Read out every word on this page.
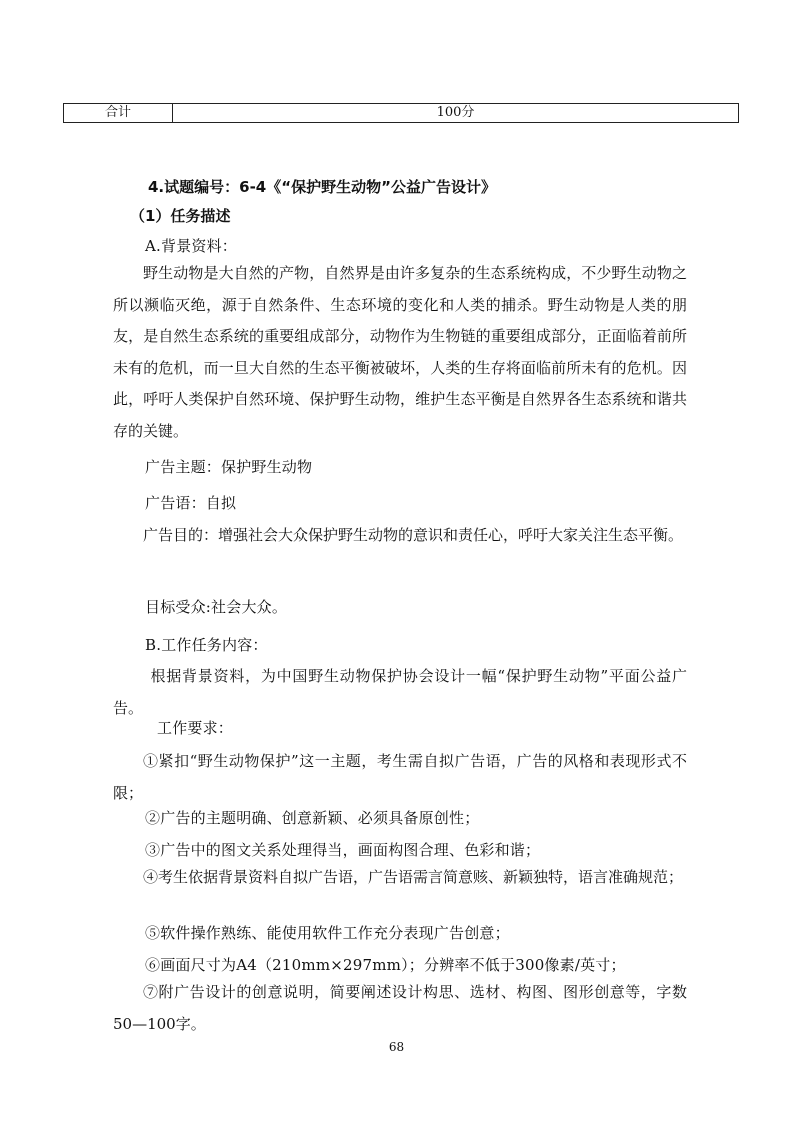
合计	100分
4.试题编号：6-4《“保护野生动物”公益广告设计》
（1）任务描述
A.背景资料：

野生动物是大自然的产物，自然界是由许多复杂的生态系统构成，不少野生动物之所以濒临灭绝，源于自然条件、生态环境的变化和人类的捕杀。野生动物是人类的朋友，是自然生态系统的重要组成部分，动物作为生物链的重要组成部分，正面临着前所未有的危机，而一旦大自然的生态平衡被破坏，人类的生存将面临前所未有的危机。因此，呼吁人类保护自然环境、保护野生动物，维护生态平衡是自然界各生态系统和谐共存的关键。

广告主题：保护野生动物
广告语：自拟

广告目的：增强社会大众保护野生动物的意识和责任心，呼吁大家关注生态平衡。

目标受众:社会大众。
B.工作任务内容：

根据背景资料，为中国野生动物保护协会设计一幅“保护野生动物”平面公益广告。

工作要求：

①紧扣“野生动物保护”这一主题，考生需自拟广告语，广告的风格和表现形式不限；

②广告的主题明确、创意新颖、必须具备原创性；
③广告中的图文关系处理得当，画面构图合理、色彩和谐；

④考生依据背景资料自拟广告语，广告语需言简意赅、新颖独特，语言准确规范；

⑤软件操作熟练、能使用软件工作充分表现广告创意；
⑥画面尺寸为A4（210mm×297mm）；分辨率不低于300像素/英寸；

⑦附广告设计的创意说明，简要阐述设计构思、选材、构图、图形创意等，字数50—100字。

68
